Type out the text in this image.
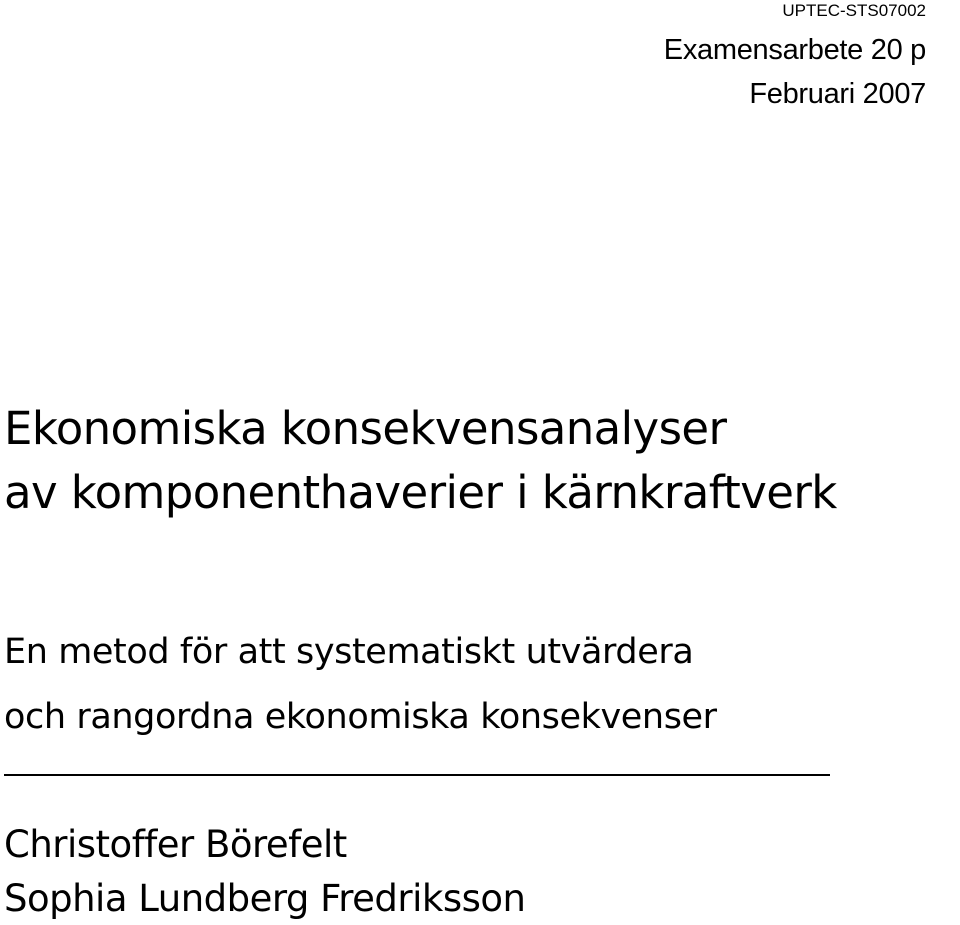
UPTEC-STS07002
Examensarbete 20 p
Februari 2007
Ekonomiska konsekvensanalyser
av komponenthaverier i kärnkraftverk
En metod för att systematiskt utvärdera
och rangordna ekonomiska konsekvenser
Christoffer Börefelt
Sophia Lundberg Fredriksson
